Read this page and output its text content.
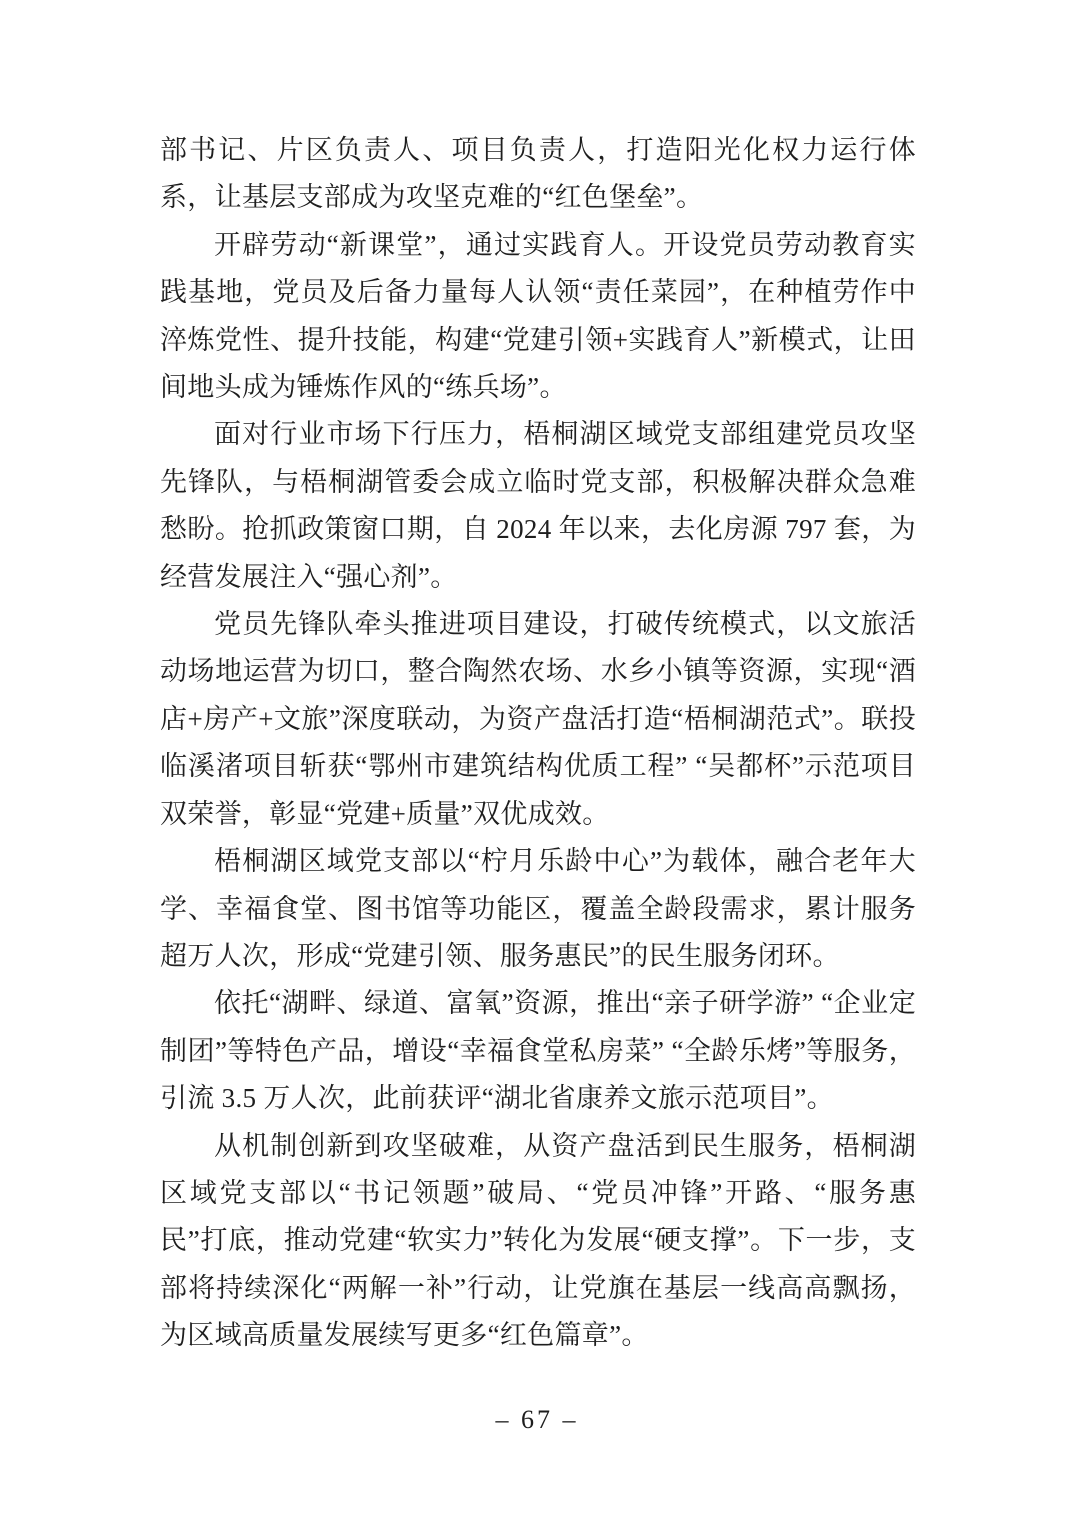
部书记、片区负责人、项目负责人，打造阳光化权力运行体系，让基层支部成为攻坚克难的“红色堡垒”。

开辟劳动“新课堂”，通过实践育人。开设党员劳动教育实践基地，党员及后备力量每人认领“责任菜园”，在种植劳作中淬炼党性、提升技能，构建“党建引领+实践育人”新模式，让田间地头成为锤炼作风的“练兵场”。

面对行业市场下行压力，梧桐湖区域党支部组建党员攻坚先锋队，与梧桐湖管委会成立临时党支部，积极解决群众急难愁盼。抢抓政策窗口期，自 2024 年以来，去化房源 797 套，为经营发展注入“强心剂”。

党员先锋队牵头推进项目建设，打破传统模式，以文旅活动场地运营为切口，整合陶然农场、水乡小镇等资源，实现“酒店+房产+文旅”深度联动，为资产盘活打造“梧桐湖范式”。联投临溪渚项目斩获“鄂州市建筑结构优质工程” “吴都杯”示范项目双荣誉，彰显“党建+质量”双优成效。

梧桐湖区域党支部以“柠月乐龄中心”为载体，融合老年大学、幸福食堂、图书馆等功能区，覆盖全龄段需求，累计服务超万人次，形成“党建引领、服务惠民”的民生服务闭环。

依托“湖畔、绿道、富氧”资源，推出“亲子研学游” “企业定制团”等特色产品，增设“幸福食堂私房菜” “全龄乐烤”等服务，引流 3.5 万人次，此前获评“湖北省康养文旅示范项目”。

从机制创新到攻坚破难，从资产盘活到民生服务，梧桐湖区域党支部以“书记领题”破局、“党员冲锋”开路、“服务惠民”打底，推动党建“软实力”转化为发展“硬支撑”。下一步，支部将持续深化“两解一补”行动，让党旗在基层一线高高飘扬，为区域高质量发展续写更多“红色篇章”。

– 67 –
